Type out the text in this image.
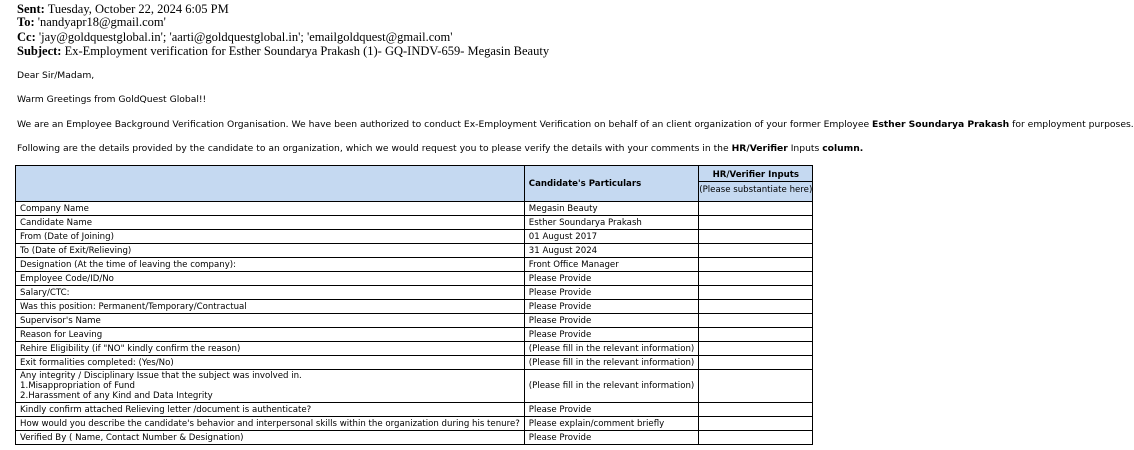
Sent: Tuesday, October 22, 2024 6:05 PM
To: 'nandyapr18@gmail.com'
Cc: 'jay@goldquestglobal.in'; 'aarti@goldquestglobal.in'; 'emailgoldquest@gmail.com'
Subject: Ex-Employment verification for Esther Soundarya Prakash (1)- GQ-INDV-659- Megasin Beauty
Dear Sir/Madam,
Warm Greetings from GoldQuest Global!!
We are an Employee Background Verification Organisation. We have been authorized to conduct Ex-Employment Verification on behalf of an client organization of your former Employee Esther Soundarya Prakash for employment purposes.
Following are the details provided by the candidate to an organization, which we would request you to please verify the details with your comments in the HR/Verifier Inputs column.
	Candidate's Particulars	HR/Verifier Inputs
(Please substantiate here)

Company Name	Megasin Beauty	
Candidate Name	Esther Soundarya Prakash	
From (Date of Joining)	01 August 2017	
To (Date of Exit/Relieving)	31 August 2024	
Designation (At the time of leaving the company):	Front Office Manager	
Employee Code/ID/No	Please Provide	
Salary/CTC:	Please Provide	
Was this position: Permanent/Temporary/Contractual	Please Provide	
Supervisor's Name	Please Provide	
Reason for Leaving	Please Provide	
Rehire Eligibility (if "NO" kindly confirm the reason)	(Please fill in the relevant information)	
Exit formalities completed: (Yes/No)	(Please fill in the relevant information)	

Any integrity / Disciplinary Issue that the subject was involved in.
1.Misappropriation of Fund
2.Harassment of any Kind and Data Integrity	(Please fill in the relevant information)	
Kindly confirm attached Relieving letter /document is authenticate?	Please Provide	
How would you describe the candidate's behavior and interpersonal skills within the organization during his tenure?	Please explain/comment briefly	
Verified By ( Name, Contact Number & Designation)	Please Provide	
